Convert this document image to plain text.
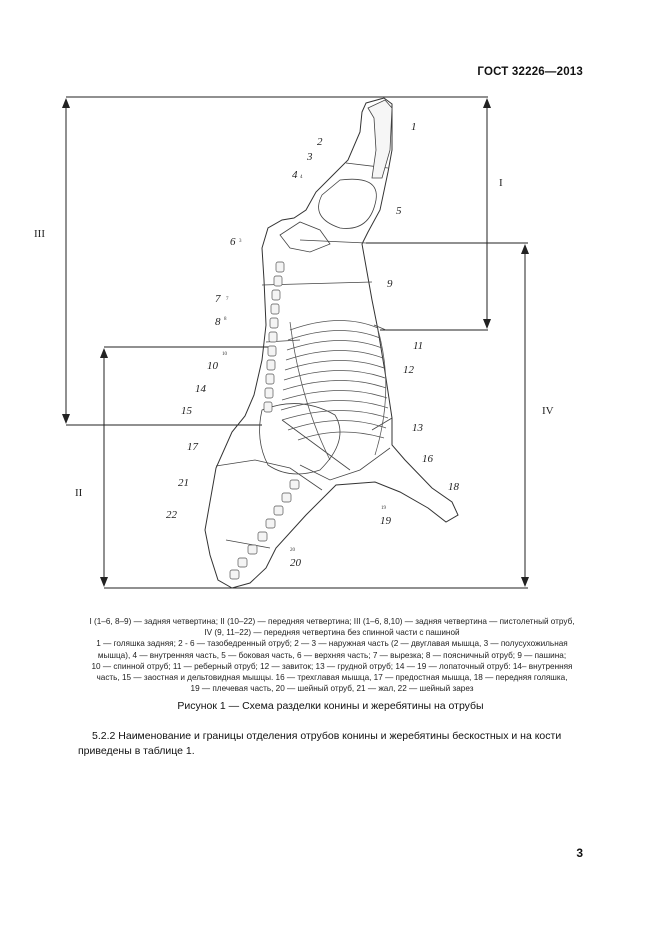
ГОСТ 32226—2013
I
II
III
IV
1
2
3
4
5
6
7
8
9
10
11
12
13
14
15
16
17
18
19
20
21
22
4
3
7
8
10
19
20
I (1–6, 8–9) — задняя четвертина; II (10–22) — передняя четвертина; III (1–6, 8,10) — задняя четвертина — пистолетный отруб,
IV (9, 11–22) — передняя четвертина без спинной части с пашиной
1 — голяшка задняя; 2 - 6 — тазобедренный отруб; 2 — 3 — наружная часть (2 — двуглавая мышца, 3 — полусухожильная
мышца), 4 — внутренняя часть, 5 — боковая часть, 6 — верхняя часть; 7 — вырезка; 8 — поясничный отруб; 9 — пашина;
10 — спинной отруб; 11 — реберный отруб; 12 — завиток; 13 — грудной отруб; 14 — 19 — лопаточный отруб: 14– внутренняя
часть, 15 — заостная и дельтовидная мышцы. 16 — трехглавая мышца, 17 — предостная мышца, 18 — передняя голяшка,
19 — плечевая часть, 20 — шейный отруб, 21 — жал, 22 — шейный зарез
Рисунок 1 — Схема разделки конины и жеребятины на отрубы
5.2.2 Наименование и границы отделения отрубов конины и жеребятины бескостных и на кости
приведены в таблице 1.
3
